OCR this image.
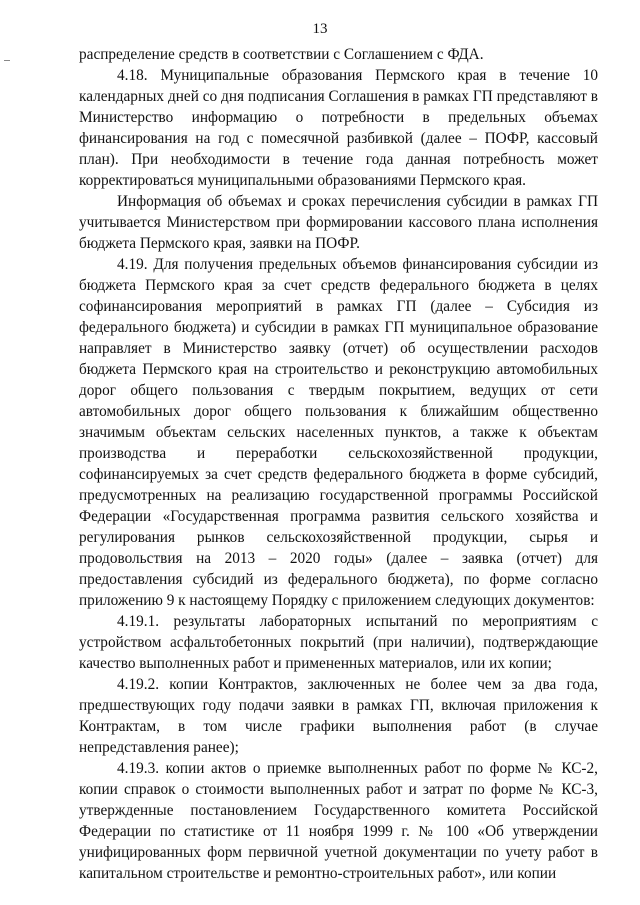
13

распределение средств в соответствии с Соглашением с ФДА.

4.18. Муниципальные образования Пермского края в течение 10 календарных дней со дня подписания Соглашения в рамках ГП представляют в Министерство информацию о потребности в предельных объемах финансирования на год с помесячной разбивкой (далее – ПОФР, кассовый план). При необходимости в течение года данная потребность может корректироваться муниципальными образованиями Пермского края.

Информация об объемах и сроках перечисления субсидии в рамках ГП учитывается Министерством при формировании кассового плана исполнения бюджета Пермского края, заявки на ПОФР.

4.19. Для получения предельных объемов финансирования субсидии из бюджета Пермского края за счет средств федерального бюджета в целях софинансирования мероприятий в рамках ГП (далее – Субсидия из федерального бюджета) и субсидии в рамках ГП муниципальное образование направляет в Министерство заявку (отчет) об осуществлении расходов бюджета Пермского края на строительство и реконструкцию автомобильных дорог общего пользования с твердым покрытием, ведущих от сети автомобильных дорог общего пользования к ближайшим общественно значимым объектам сельских населенных пунктов, а также к объектам производства и переработки сельскохозяйственной продукции, софинансируемых за счет средств федерального бюджета в форме субсидий, предусмотренных на реализацию государственной программы Российской Федерации «Государственная программа развития сельского хозяйства и регулирования рынков сельскохозяйственной продукции, сырья и продовольствия на 2013 – 2020 годы» (далее – заявка (отчет) для предоставления субсидий из федерального бюджета), по форме согласно приложению 9 к настоящему Порядку с приложением следующих документов:

4.19.1. результаты лабораторных испытаний по мероприятиям с устройством асфальтобетонных покрытий (при наличии), подтверждающие качество выполненных работ и примененных материалов, или их копии;

4.19.2. копии Контрактов, заключенных не более чем за два года, предшествующих году подачи заявки в рамках ГП, включая приложения к Контрактам, в том числе графики выполнения работ (в случае непредставления ранее);

4.19.3. копии актов о приемке выполненных работ по форме № КС-2, копии справок о стоимости выполненных работ и затрат по форме № КС-3, утвержденные постановлением Государственного комитета Российской Федерации по статистике от 11 ноября 1999 г. № 100 «Об утверждении унифицированных форм первичной учетной документации по учету работ в капитальном строительстве и ремонтно-строительных работ», или копии
